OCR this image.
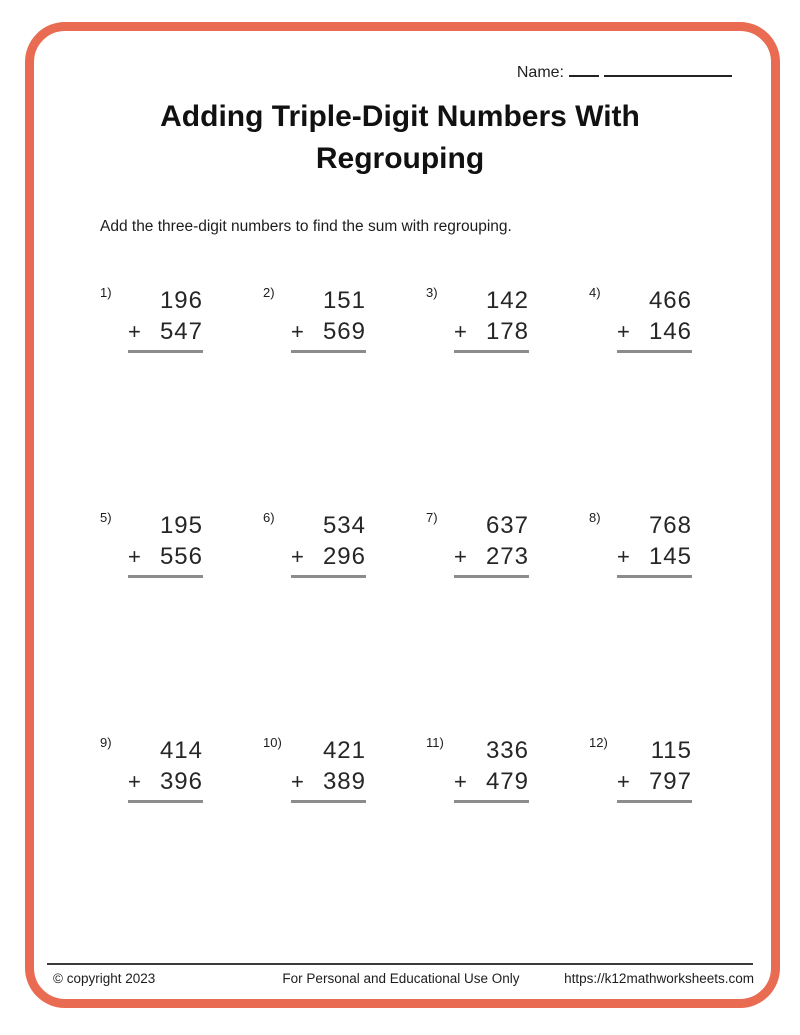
Name:
Adding Triple-Digit Numbers With
Regrouping
Add the three-digit numbers to find the sum with regrouping.
1)	196
+ 547
2)	151
+ 569
3)	142
+ 178
4)	466
+ 146
5)	195
+ 556
6)	534
+ 296
7)	637
+ 273
8)	768
+ 145
9)	414
+ 396
10)	421
+ 389
11)	336
+ 479
12)	115
+ 797
© copyright 2023	For Personal and Educational Use Only	https://k12mathworksheets.com
